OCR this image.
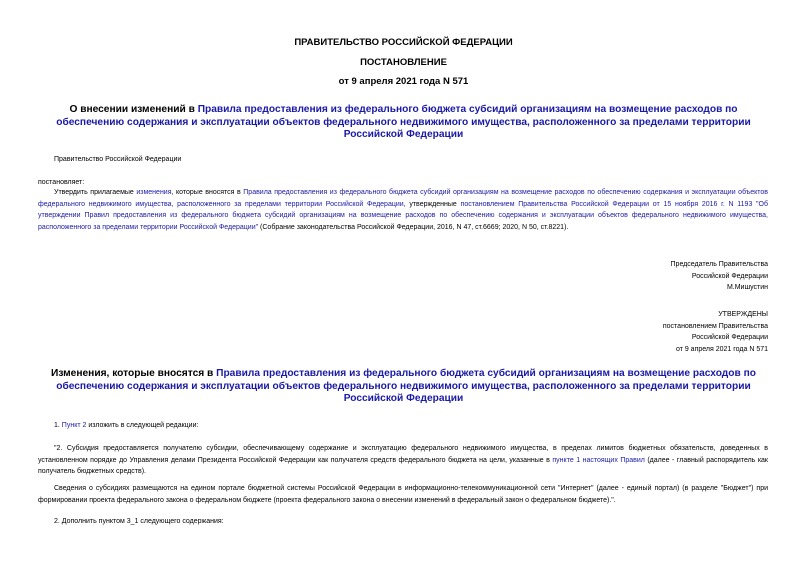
ПРАВИТЕЛЬСТВО РОССИЙСКОЙ ФЕДЕРАЦИИ
ПОСТАНОВЛЕНИЕ
от 9 апреля 2021 года N 571
О внесении изменений в Правила предоставления из федерального бюджета субсидий организациям на возмещение расходов по обеспечению содержания и эксплуатации объектов федерального недвижимого имущества, расположенного за пределами территории Российской Федерации
Правительство Российской Федерации
постановляет:
Утвердить прилагаемые изменения, которые вносятся в Правила предоставления из федерального бюджета субсидий организациям на возмещение расходов по обеспечению содержания и эксплуатации объектов федерального недвижимого имущества, расположенного за пределами территории Российской Федерации, утвержденные постановлением Правительства Российской Федерации от 15 ноября 2016 г. N 1193 "Об утверждении Правил предоставления из федерального бюджета субсидий организациям на возмещение расходов по обеспечению содержания и эксплуатации объектов федерального недвижимого имущества, расположенного за пределами территории Российской Федерации" (Собрание законодательства Российской Федерации, 2016, N 47, ст.6669; 2020, N 50, ст.8221).
Председатель Правительства
Российской Федерации
М.Мишустин
УТВЕРЖДЕНЫ
постановлением Правительства
Российской Федерации
от 9 апреля 2021 года N 571
Изменения, которые вносятся в Правила предоставления из федерального бюджета субсидий организациям на возмещение расходов по обеспечению содержания и эксплуатации объектов федерального недвижимого имущества, расположенного за пределами территории Российской Федерации
1. Пункт 2 изложить в следующей редакции:
"2. Субсидия предоставляется получателю субсидии, обеспечивающему содержание и эксплуатацию федерального недвижимого имущества, в пределах лимитов бюджетных обязательств, доведенных в установленном порядке до Управления делами Президента Российской Федерации как получателя средств федерального бюджета на цели, указанные в пункте 1 настоящих Правил (далее - главный распорядитель как получатель бюджетных средств).
Сведения о субсидиях размещаются на едином портале бюджетной системы Российской Федерации в информационно-телекоммуникационной сети "Интернет" (далее - единый портал) (в разделе "Бюджет") при формировании проекта федерального закона о федеральном бюджете (проекта федерального закона о внесении изменений в федеральный закон о федеральном бюджете).".
2. Дополнить пунктом 3_1 следующего содержания:
